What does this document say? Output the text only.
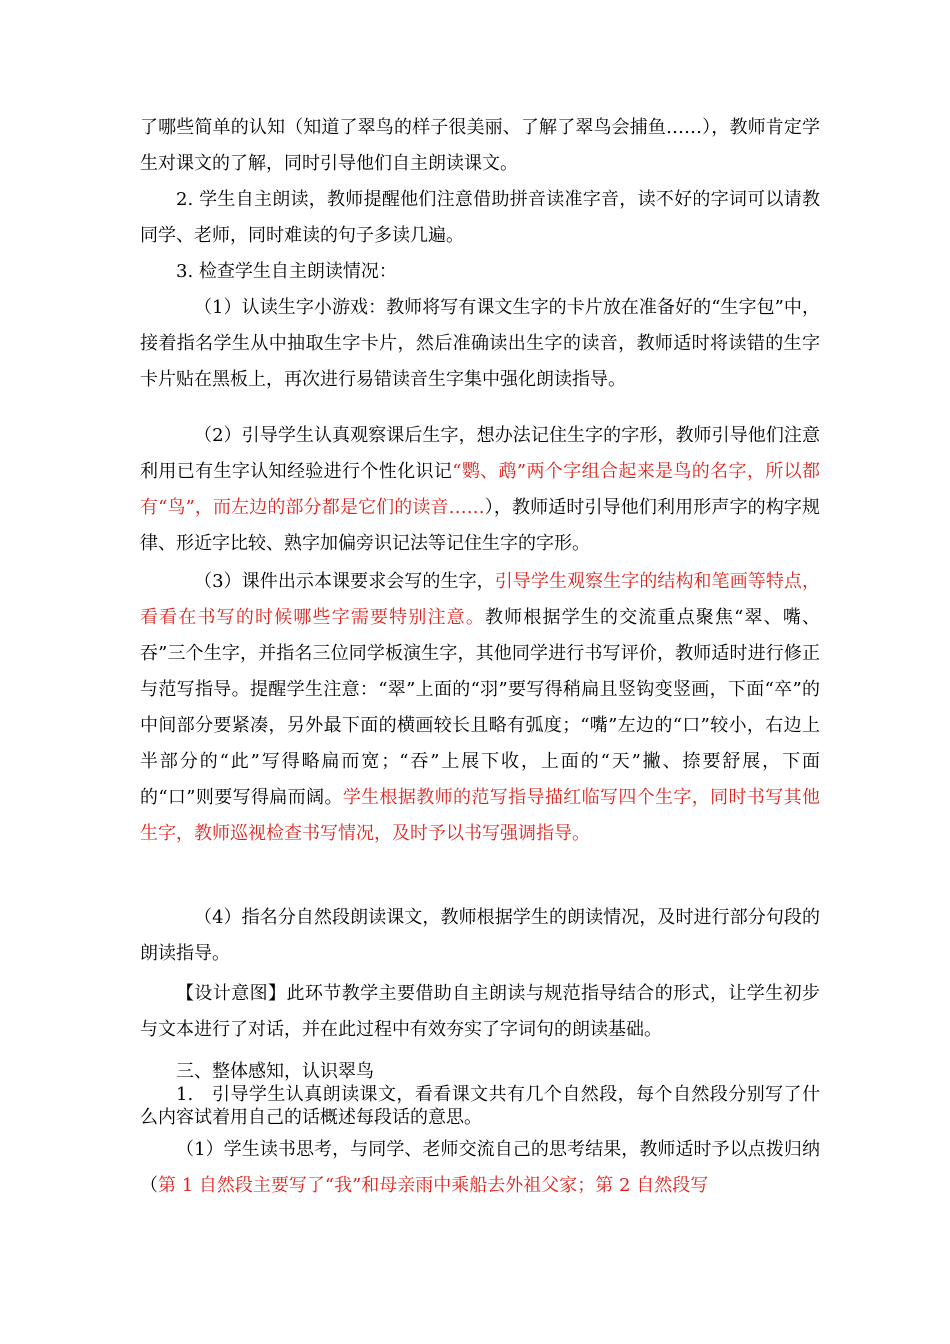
了哪些简单的认知（知道了翠鸟的样子很美丽、了解了翠鸟会捕鱼……），教师肯定学生对课文的了解，同时引导他们自主朗读课文。

2. 学生自主朗读，教师提醒他们注意借助拼音读准字音，读不好的字词可以请教同学、老师，同时难读的句子多读几遍。

3. 检查学生自主朗读情况：

（1）认读生字小游戏：教师将写有课文生字的卡片放在准备好的“生字包”中，接着指名学生从中抽取生字卡片，然后准确读出生字的读音，教师适时将读错的生字卡片贴在黑板上，再次进行易错读音生字集中强化朗读指导。

（2）引导学生认真观察课后生字，想办法记住生字的字形，教师引导他们注意利用已有生字认知经验进行个性化识记“鹦、鹉”两个字组合起来是鸟的名字，所以都有“鸟”，而左边的部分都是它们的读音……），教师适时引导他们利用形声字的构字规律、形近字比较、熟字加偏旁识记法等记住生字的字形。

（3）课件出示本课要求会写的生字，引导学生观察生字的结构和笔画等特点，看看在书写的时候哪些字需要特别注意。教师根据学生的交流重点聚焦“翠、嘴、吞”三个生字，并指名三位同学板演生字，其他同学进行书写评价，教师适时进行修正与范写指导。提醒学生注意：“翠”上面的“羽”要写得稍扁且竖钩变竖画，下面“卒”的中间部分要紧凑，另外最下面的横画较长且略有弧度；“嘴”左边的“口”较小，右边上半部分的“此”写得略扁而宽；“吞”上展下收，上面的“天”撇、捺要舒展，下面的“口”则要写得扁而阔。学生根据教师的范写指导描红临写四个生字，同时书写其他生字，教师巡视检查书写情况，及时予以书写强调指导。

（4）指名分自然段朗读课文，教师根据学生的朗读情况，及时进行部分句段的朗读指导。

【设计意图】此环节教学主要借助自主朗读与规范指导结合的形式，让学生初步与文本进行了对话，并在此过程中有效夯实了字词句的朗读基础。

三、整体感知，认识翠鸟

1.　引导学生认真朗读课文，看看课文共有几个自然段，每个自然段分别写了什么内容试着用自己的话概述每段话的意思。

（1）学生读书思考，与同学、老师交流自己的思考结果，教师适时予以点拨归纳（第 1 自然段主要写了“我”和母亲雨中乘船去外祖父家；第 2 自然段写
